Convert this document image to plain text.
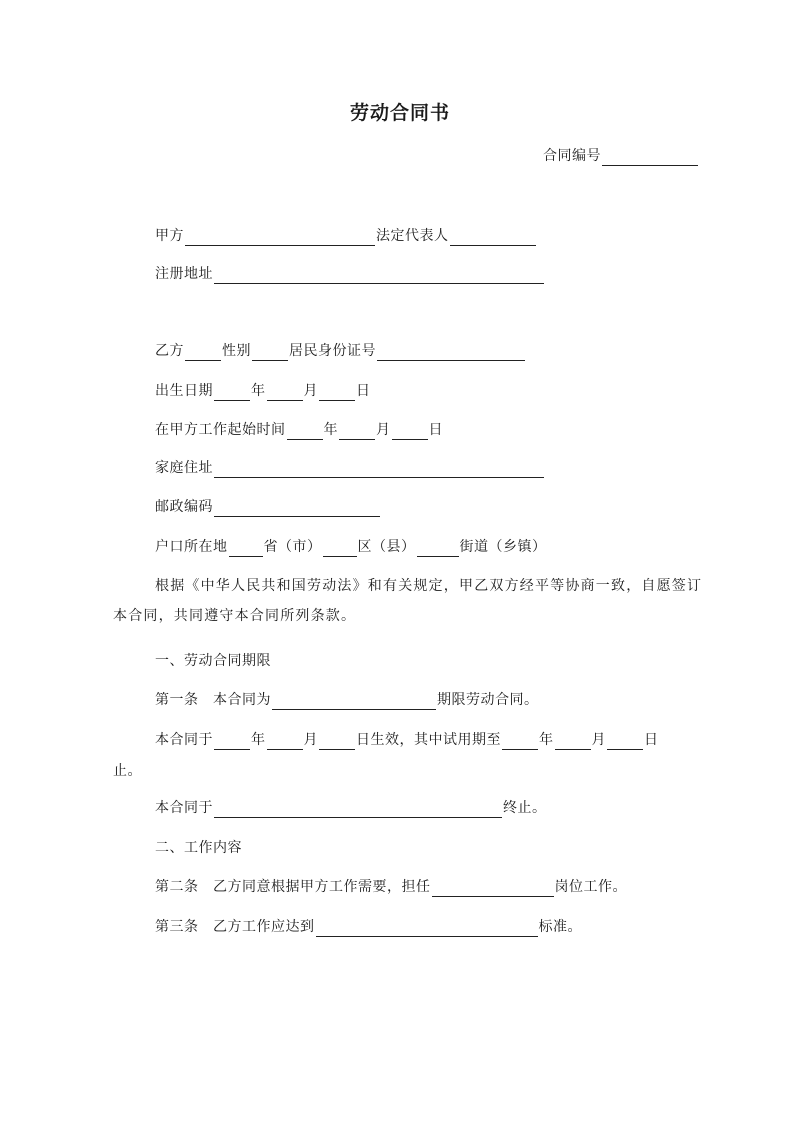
劳动合同书
合同编号
甲方	法定代表人
注册地址
乙方	性别	居民身份证号
出生日期	年	月	日
在甲方工作起始时间	年	月	日
家庭住址
邮政编码
户口所在地	省（市）	区（县）	街道（乡镇）
根据《中华人民共和国劳动法》和有关规定，甲乙双方经平等协商一致，自愿签订本合同，共同遵守本合同所列条款。
一、劳动合同期限
第一条　本合同为	期限劳动合同。
本合同于	年	月	日生效，其中试用期至	年	月	日
止。
本合同于	终止。
二、工作内容
第二条　乙方同意根据甲方工作需要，担任	岗位工作。
第三条　乙方工作应达到	标准。
